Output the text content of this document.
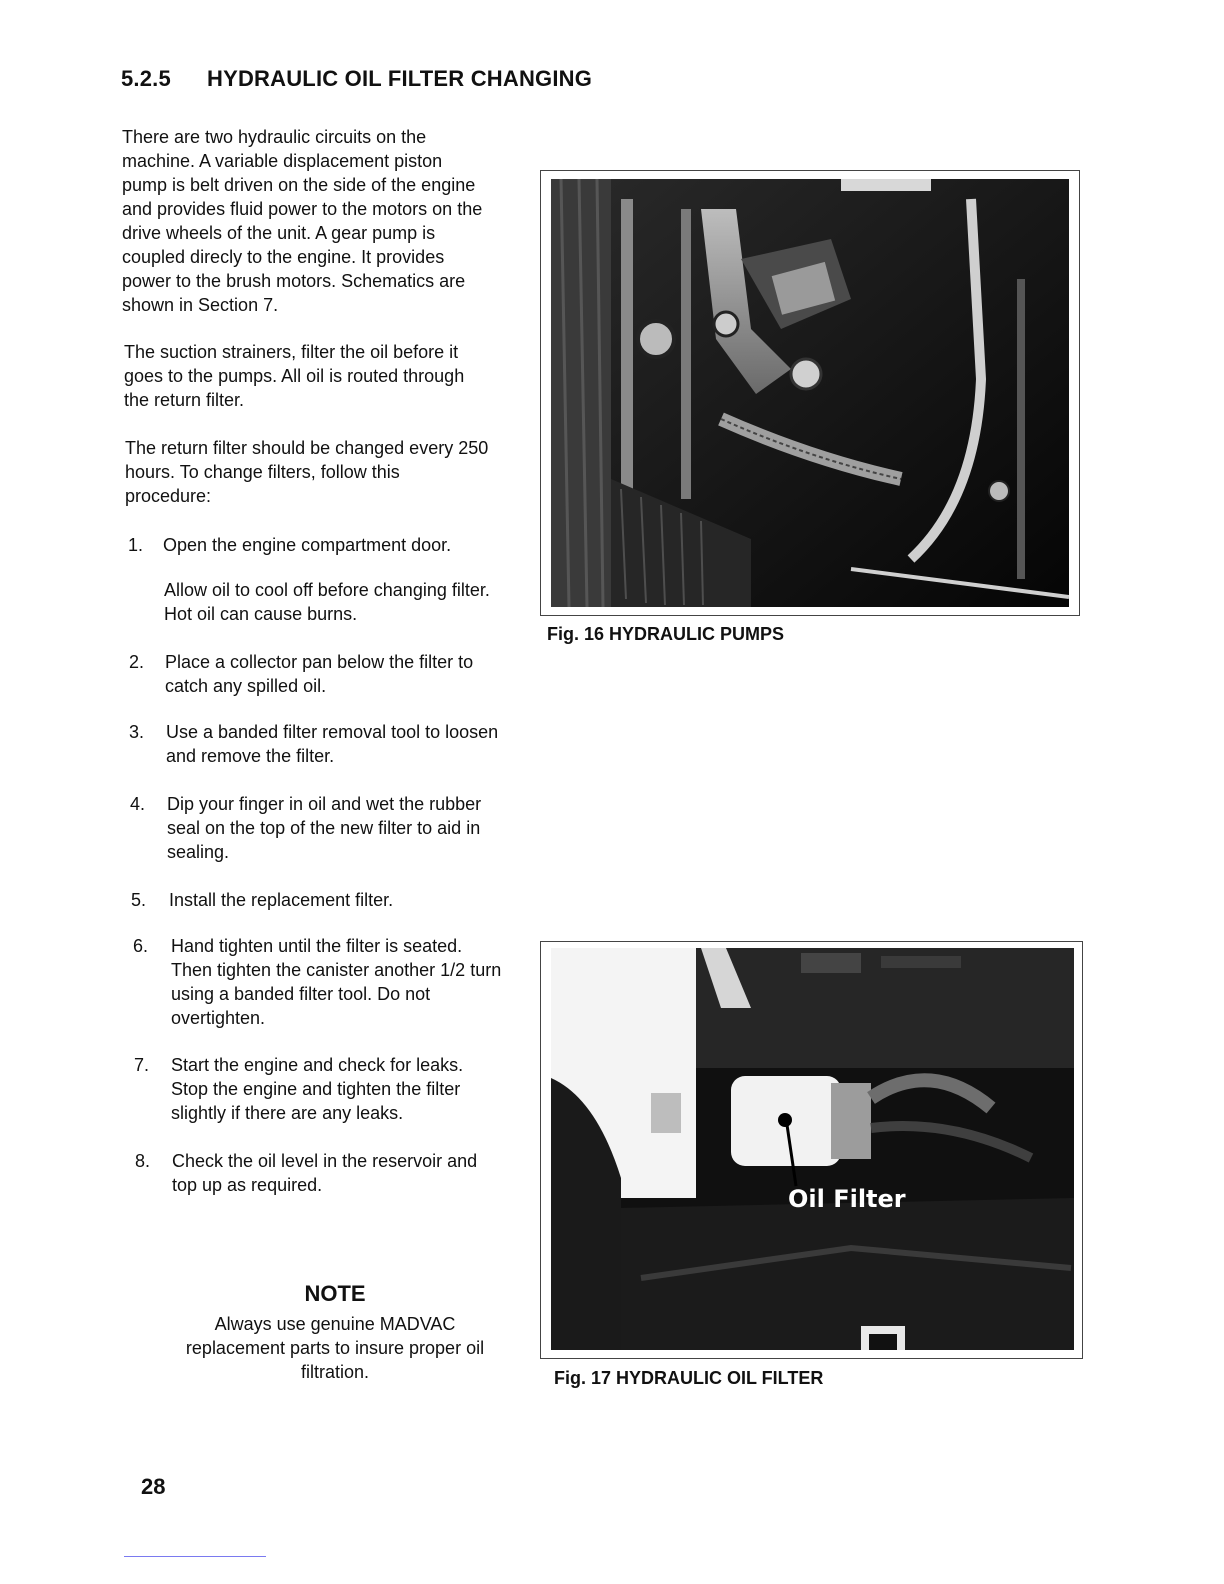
5.2.5 HYDRAULIC OIL FILTER CHANGING
There are two hydraulic circuits on the
machine. A variable displacement piston
pump is belt driven on the side of the engine
and provides fluid power to the motors on the
drive wheels of the unit. A gear pump is
coupled direcly to the engine. It provides
power to the brush motors. Schematics are
shown in Section 7.
The suction strainers, filter the oil before it
goes to the pumps. All oil is routed through
the return filter.
The return filter should be changed every 250
hours. To change filters, follow this
procedure:
1. Open the engine compartment door.
Allow oil to cool off before changing filter.
Hot oil can cause burns.
2. Place a collector pan below the filter to
catch any spilled oil.
3. Use a banded filter removal tool to loosen
and remove the filter.
4. Dip your finger in oil and wet the rubber
seal on the top of the new filter to aid in
sealing.
5. Install the replacement filter.
6. Hand tighten until the filter is seated.
Then tighten the canister another 1/2 turn
using a banded filter tool. Do not
overtighten.
7. Start the engine and check for leaks.
Stop the engine and tighten the filter
slightly if there are any leaks.
8. Check the oil level in the reservoir and
top up as required.
NOTE
Always use genuine MADVAC
replacement parts to insure proper oil
filtration.
Fig. 16 HYDRAULIC PUMPS
Oil Filter
Fig. 17 HYDRAULIC OIL FILTER
28
